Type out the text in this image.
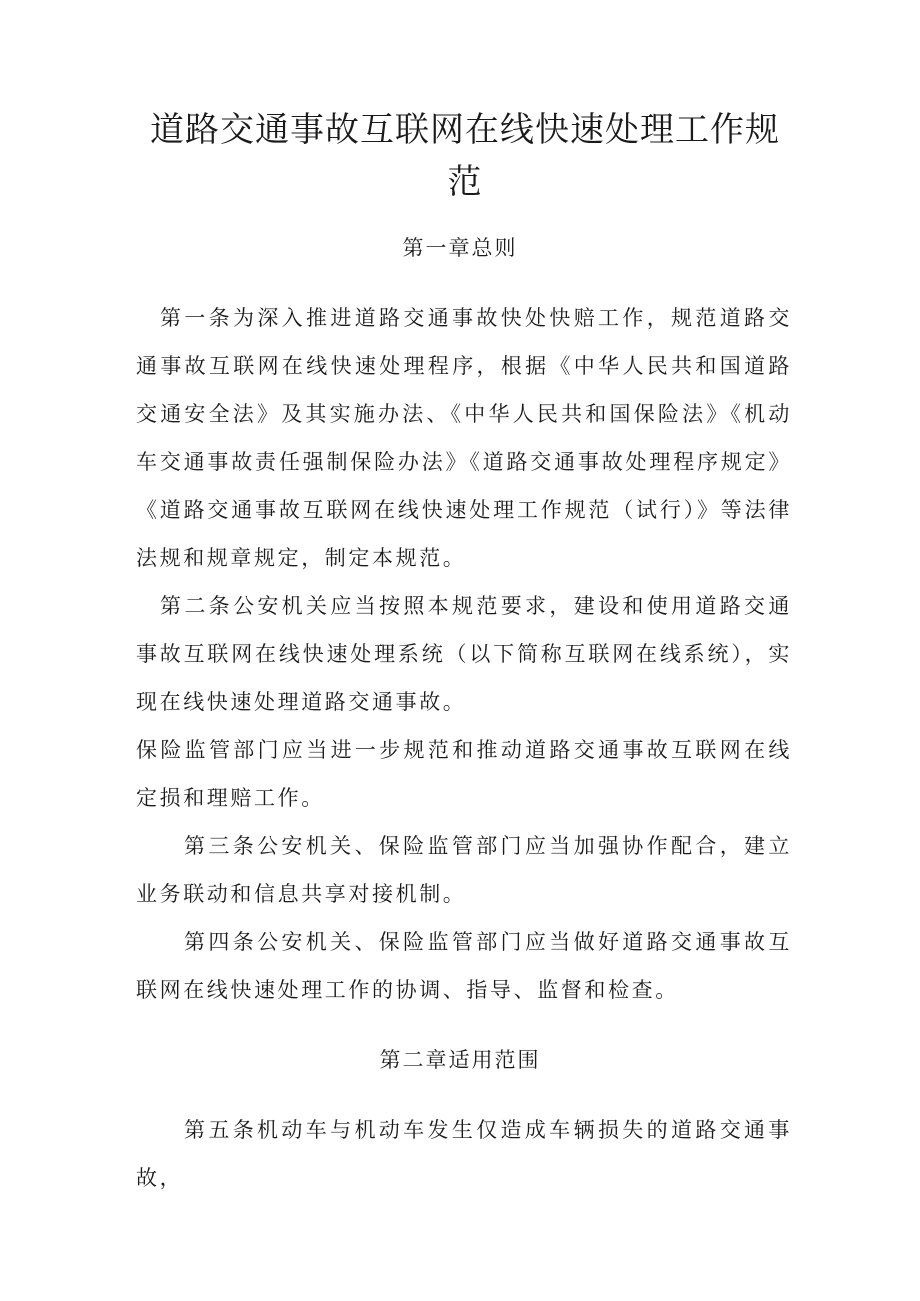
道路交通事故互联网在线快速处理工作规范
第一章总则

第一条为深入推进道路交通事故快处快赔工作，规范道路交通事故互联网在线快速处理程序，根据《中华人民共和国道路交通安全法》及其实施办法、《中华人民共和国保险法》《机动车交通事故责任强制保险办法》《道路交通事故处理程序规定》《道路交通事故互联网在线快速处理工作规范（试行）》等法律法规和规章规定，制定本规范。

第二条公安机关应当按照本规范要求，建设和使用道路交通事故互联网在线快速处理系统（以下简称互联网在线系统），实现在线快速处理道路交通事故。

保险监管部门应当进一步规范和推动道路交通事故互联网在线定损和理赔工作。

第三条公安机关、保险监管部门应当加强协作配合，建立业务联动和信息共享对接机制。

第四条公安机关、保险监管部门应当做好道路交通事故互联网在线快速处理工作的协调、指导、监督和检查。

第二章适用范围

第五条机动车与机动车发生仅造成车辆损失的道路交通事故，
